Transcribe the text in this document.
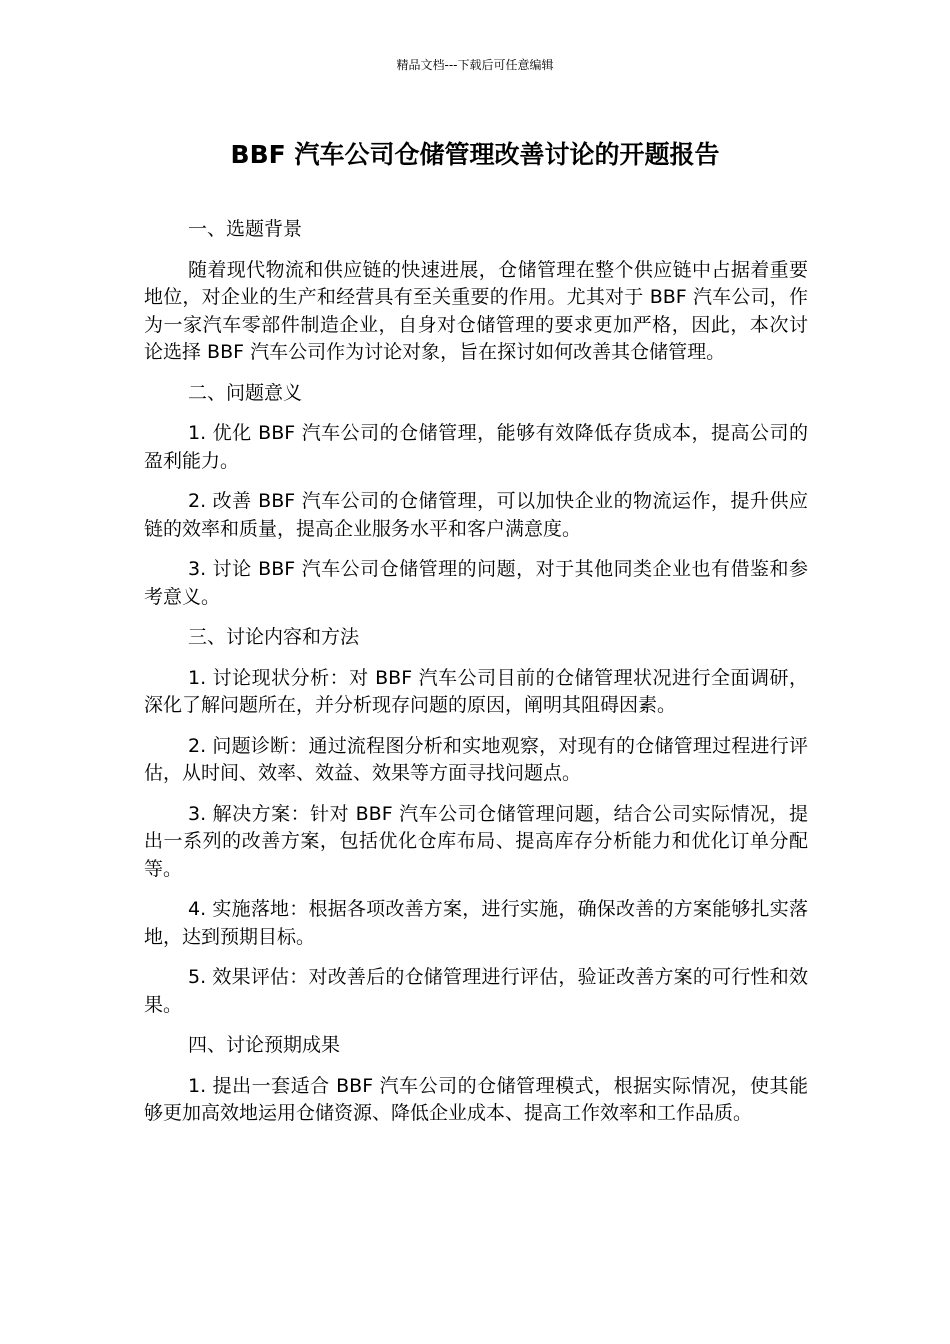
精品文档---下载后可任意编辑
BBF 汽车公司仓储管理改善讨论的开题报告

一、选题背景

随着现代物流和供应链的快速进展，仓储管理在整个供应链中占据着重要地位，对企业的生产和经营具有至关重要的作用。尤其对于 BBF 汽车公司，作为一家汽车零部件制造企业，自身对仓储管理的要求更加严格，因此，本次讨论选择 BBF 汽车公司作为讨论对象，旨在探讨如何改善其仓储管理。

二、问题意义

1. 优化 BBF 汽车公司的仓储管理，能够有效降低存货成本，提高公司的盈利能力。

2. 改善 BBF 汽车公司的仓储管理，可以加快企业的物流运作，提升供应链的效率和质量，提高企业服务水平和客户满意度。

3. 讨论 BBF 汽车公司仓储管理的问题，对于其他同类企业也有借鉴和参考意义。

三、讨论内容和方法

1. 讨论现状分析：对 BBF 汽车公司目前的仓储管理状况进行全面调研，深化了解问题所在，并分析现存问题的原因，阐明其阻碍因素。

2. 问题诊断：通过流程图分析和实地观察，对现有的仓储管理过程进行评估，从时间、效率、效益、效果等方面寻找问题点。

3. 解决方案：针对 BBF 汽车公司仓储管理问题，结合公司实际情况，提出一系列的改善方案，包括优化仓库布局、提高库存分析能力和优化订单分配等。

4. 实施落地：根据各项改善方案，进行实施，确保改善的方案能够扎实落地，达到预期目标。

5. 效果评估：对改善后的仓储管理进行评估，验证改善方案的可行性和效果。

四、讨论预期成果

1. 提出一套适合 BBF 汽车公司的仓储管理模式，根据实际情况，使其能够更加高效地运用仓储资源、降低企业成本、提高工作效率和工作品质。
